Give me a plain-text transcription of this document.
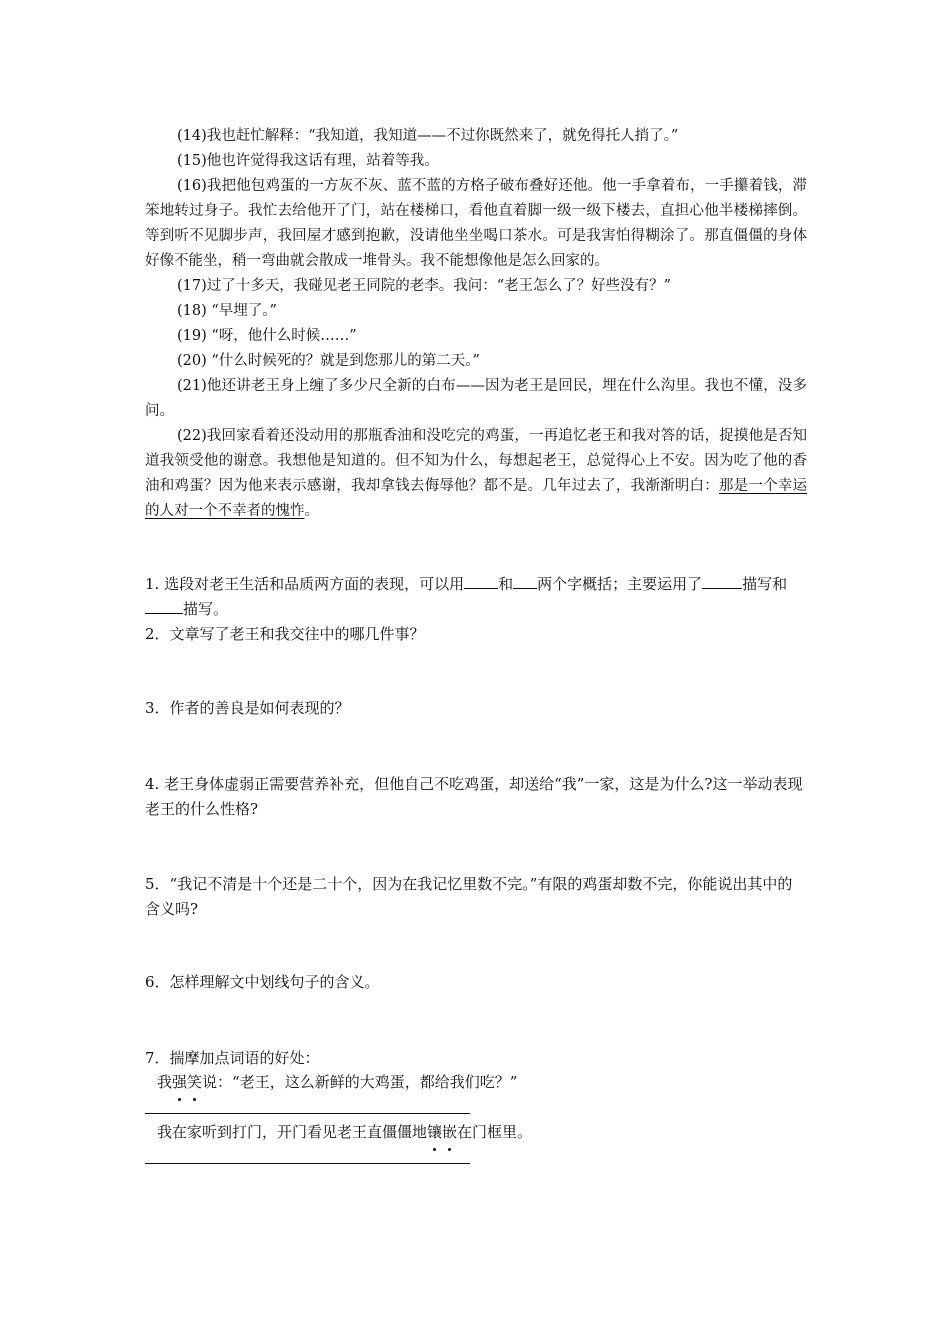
(14)我也赶忙解释：“我知道，我知道——不过你既然来了，就免得托人捎了。”

(15)他也许觉得我这话有理，站着等我。

(16)我把他包鸡蛋的一方灰不灰、蓝不蓝的方格子破布叠好还他。他一手拿着布，一手攥着钱，滞笨地转过身子。我忙去给他开了门，站在楼梯口，看他直着脚一级一级下楼去，直担心他半楼梯摔倒。等到听不见脚步声，我回屋才感到抱歉，没请他坐坐喝口茶水。可是我害怕得糊涂了。那直僵僵的身体好像不能坐，稍一弯曲就会散成一堆骨头。我不能想像他是怎么回家的。

(17)过了十多天，我碰见老王同院的老李。我问：“老王怎么了？好些没有？”

(18) “早埋了。”

(19) “呀，他什么时候……”

(20) “什么时候死的？就是到您那儿的第二天。”

(21)他还讲老王身上缠了多少尺全新的白布——因为老王是回民，埋在什么沟里。我也不懂，没多问。

(22)我回家看着还没动用的那瓶香油和没吃完的鸡蛋，一再追忆老王和我对答的话，捉摸他是否知道我领受他的谢意。我想他是知道的。但不知为什么，每想起老王，总觉得心上不安。因为吃了他的香油和鸡蛋？因为他来表示感谢，我却拿钱去侮辱他？都不是。几年过去了，我渐渐明白：那是一个幸运的人对一个不幸者的愧怍。

1. 选段对老王生活和品质两方面的表现，可以用 和 两个字概括；主要运用了	描写和描写。
2．文章写了老王和我交往中的哪几件事？
3．作者的善良是如何表现的？
4. 老王身体虚弱正需要营养补充，但他自己不吃鸡蛋，却送给“我”一家，这是为什么?这一举动表现老王的什么性格?
5．“我记不清是十个还是二十个，因为在我记忆里数不完。”有限的鸡蛋却数不完，你能说出其中的含义吗?
6．怎样理解文中划线句子的含义。
7．揣摩加点词语的好处：
我强笑说：“老王，这么新鲜的大鸡蛋，都给我们吃？”
我在家听到打门，开门看见老王直僵僵地镶嵌在门框里。
